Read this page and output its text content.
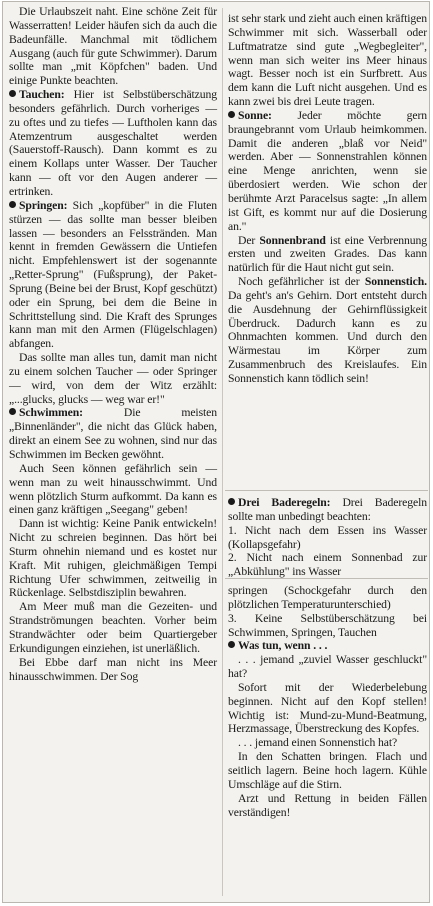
Die Urlaubszeit naht. Eine schöne Zeit für Wasserratten! Leider häufen sich da auch die Badeunfälle. Manchmal mit tödlichem Ausgang (auch für gute Schwimmer). Darum sollte man „mit Köpfchen" baden. Und einige Punkte beachten.

Tauchen: Hier ist Selbstüberschätzung besonders gefährlich. Durch vorheriges — zu oftes und zu tiefes — Luftholen kann das Atemzentrum ausgeschaltet werden (Sauerstoff-Rausch). Dann kommt es zu einem Kollaps unter Wasser. Der Taucher kann — oft vor den Augen anderer — ertrinken.

Springen: Sich „kopfüber" in die Fluten stürzen — das sollte man besser bleiben lassen — besonders an Felsstränden. Man kennt in fremden Gewässern die Untiefen nicht. Empfehlenswert ist der sogenannte „Retter-Sprung" (Fußsprung), der Paket-Sprung (Beine bei der Brust, Kopf geschützt) oder ein Sprung, bei dem die Beine in Schrittstellung sind. Die Kraft des Sprunges kann man mit den Armen (Flügelschlagen) abfangen.

Das sollte man alles tun, damit man nicht zu einem solchen Taucher — oder Springer — wird, von dem der Witz erzählt: „...glucks, glucks — weg war er!"

Schwimmen: Die meisten „Binnenländer", die nicht das Glück haben, direkt an einem See zu wohnen, sind nur das Schwimmen im Becken gewöhnt.

Auch Seen können gefährlich sein — wenn man zu weit hinausschwimmt. Und wenn plötzlich Sturm aufkommt. Da kann es einen ganz kräftigen „Seegang" geben!

Dann ist wichtig: Keine Panik entwickeln! Nicht zu schreien beginnen. Das hört bei Sturm ohnehin niemand und es kostet nur Kraft. Mit ruhigen, gleichmäßigen Tempi Richtung Ufer schwimmen, zeitweilig in Rückenlage. Selbstdisziplin bewahren.

Am Meer muß man die Gezeiten- und Strandströmungen beachten. Vorher beim Strandwächter oder beim Quartiergeber Erkundigungen einziehen, ist unerläßlich.

Bei Ebbe darf man nicht ins Meer hinausschwimmen. Der Sog

ist sehr stark und zieht auch einen kräftigen Schwimmer mit sich. Wasserball oder Luftmatratze sind gute „Wegbegleiter", wenn man sich weiter ins Meer hinaus wagt. Besser noch ist ein Surfbrett. Aus dem kann die Luft nicht ausgehen. Und es kann zwei bis drei Leute tragen.

Sonne: Jeder möchte gern braungebrannt vom Urlaub heimkommen. Damit die anderen „blaß vor Neid" werden. Aber — Sonnenstrahlen können eine Menge anrichten, wenn sie überdosiert werden. Wie schon der berühmte Arzt Paracelsus sagte: „In allem ist Gift, es kommt nur auf die Dosierung an."

Der Sonnenbrand ist eine Verbrennung ersten und zweiten Grades. Das kann natürlich für die Haut nicht gut sein.

Noch gefährlicher ist der Sonnenstich. Da geht's an's Gehirn. Dort entsteht durch die Ausdehnung der Gehirnflüssigkeit Überdruck. Dadurch kann es zu Ohnmachten kommen. Und durch den Wärmestau im Körper zum Zusammenbruch des Kreislaufes. Ein Sonnenstich kann tödlich sein!

Drei Baderegeln: Drei Baderegeln sollte man unbedingt beachten:

1. Nicht nach dem Essen ins Wasser (Kollapsgefahr)

2. Nicht nach einem Sonnenbad zur „Abkühlung" ins Wasser

springen (Schockgefahr durch den plötzlichen Temperaturunterschied)

3. Keine Selbstüberschätzung bei Schwimmen, Springen, Tauchen

Was tun, wenn . . .

. . . jemand „zuviel Wasser geschluckt" hat?

Sofort mit der Wiederbelebung beginnen. Nicht auf den Kopf stellen! Wichtig ist: Mund-zu-Mund-Beatmung, Herzmassage, Überstreckung des Kopfes.

. . . jemand einen Sonnenstich hat?

In den Schatten bringen. Flach und seitlich lagern. Beine hoch lagern. Kühle Umschläge auf die Stirn.

Arzt und Rettung in beiden Fällen verständigen!
